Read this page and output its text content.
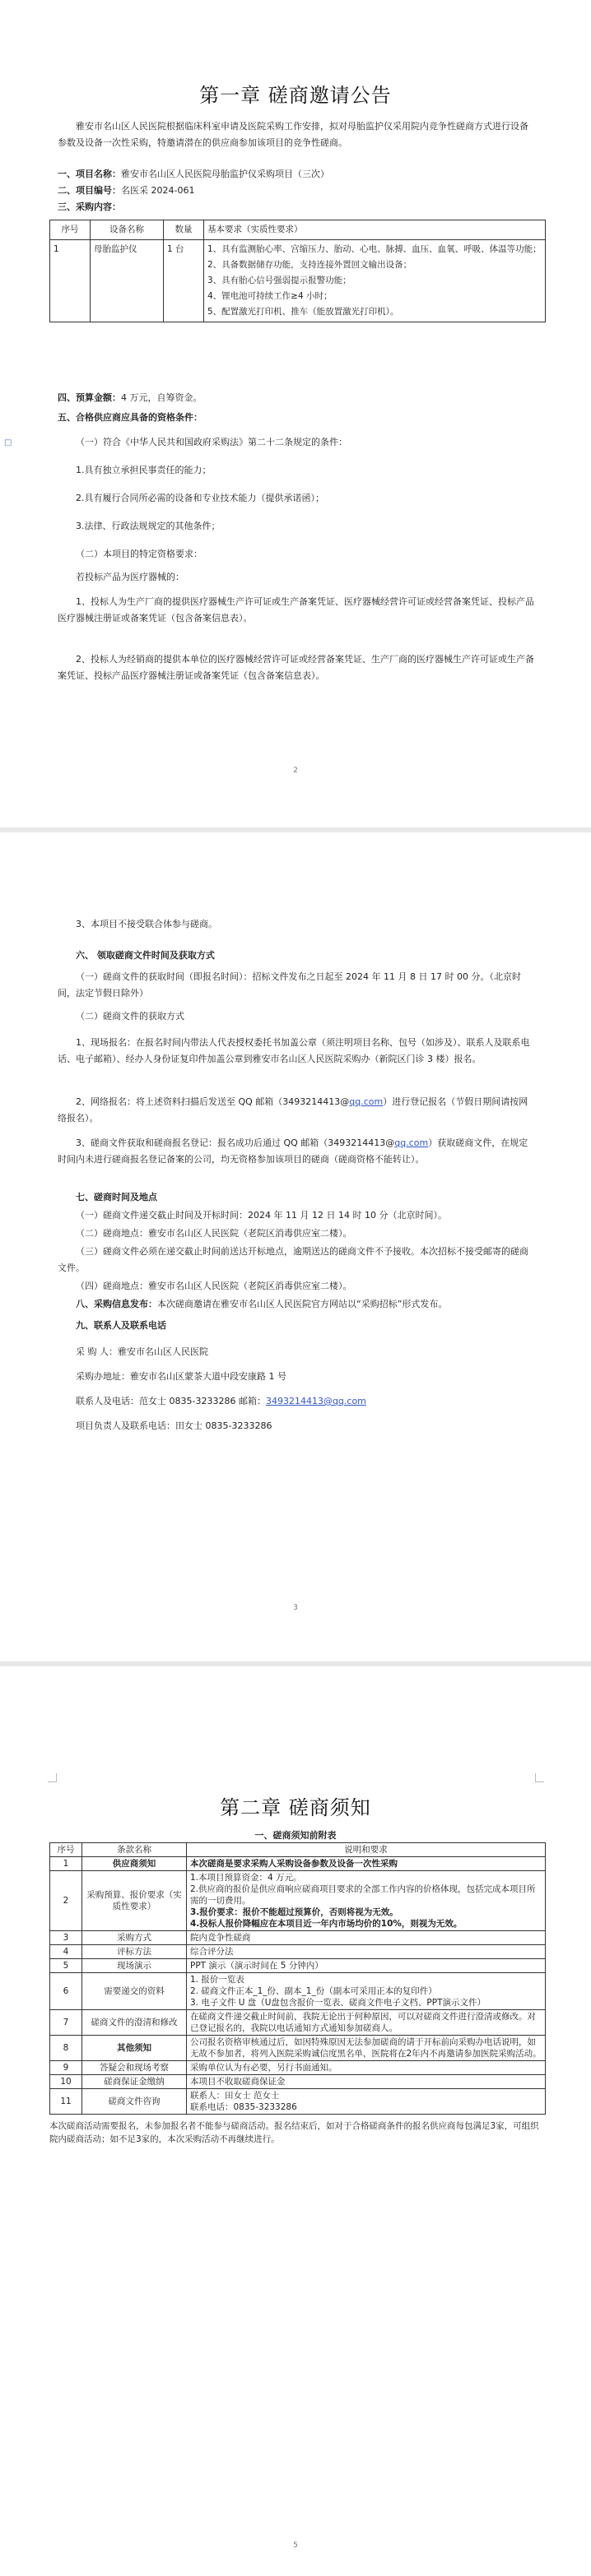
第一章 磋商邀请公告
雅安市名山区人民医院根据临床科室申请及医院采购工作安排，拟对母胎监护仪采用院内竞争性磋商方式进行设备参数及设备一次性采购，特邀请潜在的供应商参加该项目的竞争性磋商。
一、项目名称：雅安市名山区人民医院母胎监护仪采购项目（三次）
二、项目编号：名医采 2024-061
三、采购内容：
序号	设备名称	数量	基本要求（实质性要求）
1	母胎监护仪	1 台	1、具有监测胎心率、宫缩压力、胎动、心电、脉搏、血压、血氧、呼吸、体温等功能；
2、具备数据储存功能，支持连接外置回文输出设备；
3、具有胎心信号强弱提示报警功能；
4、锂电池可持续工作≥4 小时；
5、配置激光打印机、推车（能放置激光打印机）。
□
四、预算金额：4 万元，自筹资金。
五、合格供应商应具备的资格条件：
（一）符合《中华人民共和国政府采购法》第二十二条规定的条件：
1.具有独立承担民事责任的能力；
2.具有履行合同所必需的设备和专业技术能力（提供承诺函）；
3.法律、行政法规规定的其他条件；
（二）本项目的特定资格要求：
若投标产品为医疗器械的：
1、投标人为生产厂商的提供医疗器械生产许可证或生产备案凭证、医疗器械经营许可证或经营备案凭证、投标产品医疗器械注册证或备案凭证（包含备案信息表）。
2、投标人为经销商的提供本单位的医疗器械经营许可证或经营备案凭证、生产厂商的医疗器械生产许可证或生产备案凭证、投标产品医疗器械注册证或备案凭证（包含备案信息表）。
2
3、本项目不接受联合体参与磋商。
六、 领取磋商文件时间及获取方式
（一）磋商文件的获取时间（即报名时间）：招标文件发布之日起至 2024 年 11 月 8 日 17 时 00 分。（北京时间，法定节假日除外）
（二）磋商文件的获取方式
1、现场报名：在报名时间内带法人代表授权委托书加盖公章（须注明项目名称、包号（如涉及）、联系人及联系电话、电子邮箱）、经办人身份证复印件加盖公章到雅安市名山区人民医院采购办（新院区门诊 3 楼）报名。
2、网络报名：将上述资料扫描后发送至 QQ 邮箱（3493214413@qq.com）进行登记报名（节假日期间请按网络报名）。
3、磋商文件获取和磋商报名登记：报名成功后通过 QQ 邮箱（3493214413@qq.com）获取磋商文件，在规定时间内未进行磋商报名登记备案的公司，均无资格参加该项目的磋商（磋商资格不能转让）。
七、磋商时间及地点
（一）磋商文件递交截止时间及开标时间：2024 年 11 月 12 日 14 时 10 分（北京时间）。
（二）磋商地点：雅安市名山区人民医院（老院区消毒供应室二楼）。
（三）磋商文件必须在递交截止时间前送达开标地点，逾期送达的磋商文件不予接收。本次招标不接受邮寄的磋商文件。
（四）磋商地点：雅安市名山区人民医院（老院区消毒供应室二楼）。
八、采购信息发布：本次磋商邀请在雅安市名山区人民医院官方网站以“采购招标”形式发布。
九、联系人及联系电话
采 购 人：雅安市名山区人民医院
采购办地址：雅安市名山区蒙茶大道中段安康路 1 号
联系人及电话：范女士 0835-3233286 邮箱：3493214413@qq.com
项目负责人及联系电话：田女士 0835-3233286
3
第二章 磋商须知
一、磋商须知前附表
序号	条款名称	说明和要求
1	供应商须知	本次磋商是要求采购人采购设备参数及设备一次性采购
2	采购预算、报价要求（实质性要求）	1.本项目预算资金：4 万元。
2.供应商的报价是供应商响应磋商项目要求的全部工作内容的价格体现，包括完成本项目所需的一切费用。
3.报价要求：报价不能超过预算价，否则将视为无效。
4.投标人报价降幅应在本项目近一年内市场均价的10%，则视为无效。

3	采购方式	院内竞争性磋商
4	评标方法	综合评分法
5	现场演示	PPT 演示（演示时间在 5 分钟内）
6	需要递交的资料	1. 报价一览表
2. 磋商文件正本_1_份、副本_1_份（副本可采用正本的复印件）
3. 电子文件 U 盘（U盘包含报价一览表、磋商文件电子文档、PPT演示文件）

7	磋商文件的澄清和修改	在磋商文件递交截止时间前，我院无论出于何种原因，可以对磋商文件进行澄清或修改。对已登记报名的，我院以电话通知方式通知参加磋商人。
8	其他须知	公司报名资格审核通过后，如因特殊原因无法参加磋商的请于开标前向采购办电话说明，如无故不参加者，将列入医院采购诚信度黑名单，医院将在2年内不再邀请参加医院采购活动。
9	答疑会和现场考察	采购单位认为有必要，另行书面通知。
10	磋商保证金缴纳	本项目不收取磋商保证金
11	磋商文件咨询	联系人：田女士 范女士
联系电话：0835-3233286
本次磋商活动需要报名，未参加报名者不能参与磋商活动。报名结束后，如对于合格磋商条件的报名供应商每包满足3家，可组织院内磋商活动；如不足3家的，本次采购活动不再继续进行。
5
